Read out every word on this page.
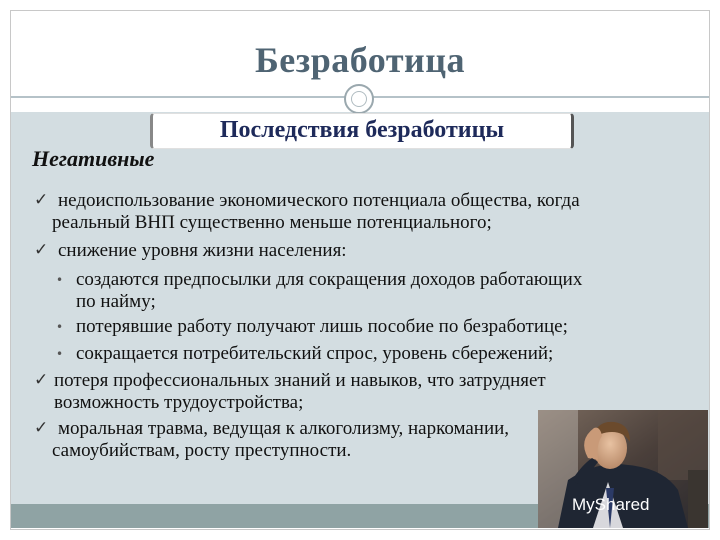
Безработица
Последствия безработицы
Негативные
✓ недоиспользование экономического потенциала общества, когда
реальный ВНП существенно меньше потенциального;
✓ снижение уровня жизни населения:
• создаются предпосылки для сокращения доходов работающих
по найму;
• потерявшие работу получают лишь пособие по безработице;
• сокращается потребительский спрос, уровень сбережений;
✓ потеря профессиональных знаний и навыков, что затрудняет
возможность трудоустройства;
✓ моральная травма, ведущая к алкоголизму, наркомании,
самоубийствам, росту преступности.
MyShared
